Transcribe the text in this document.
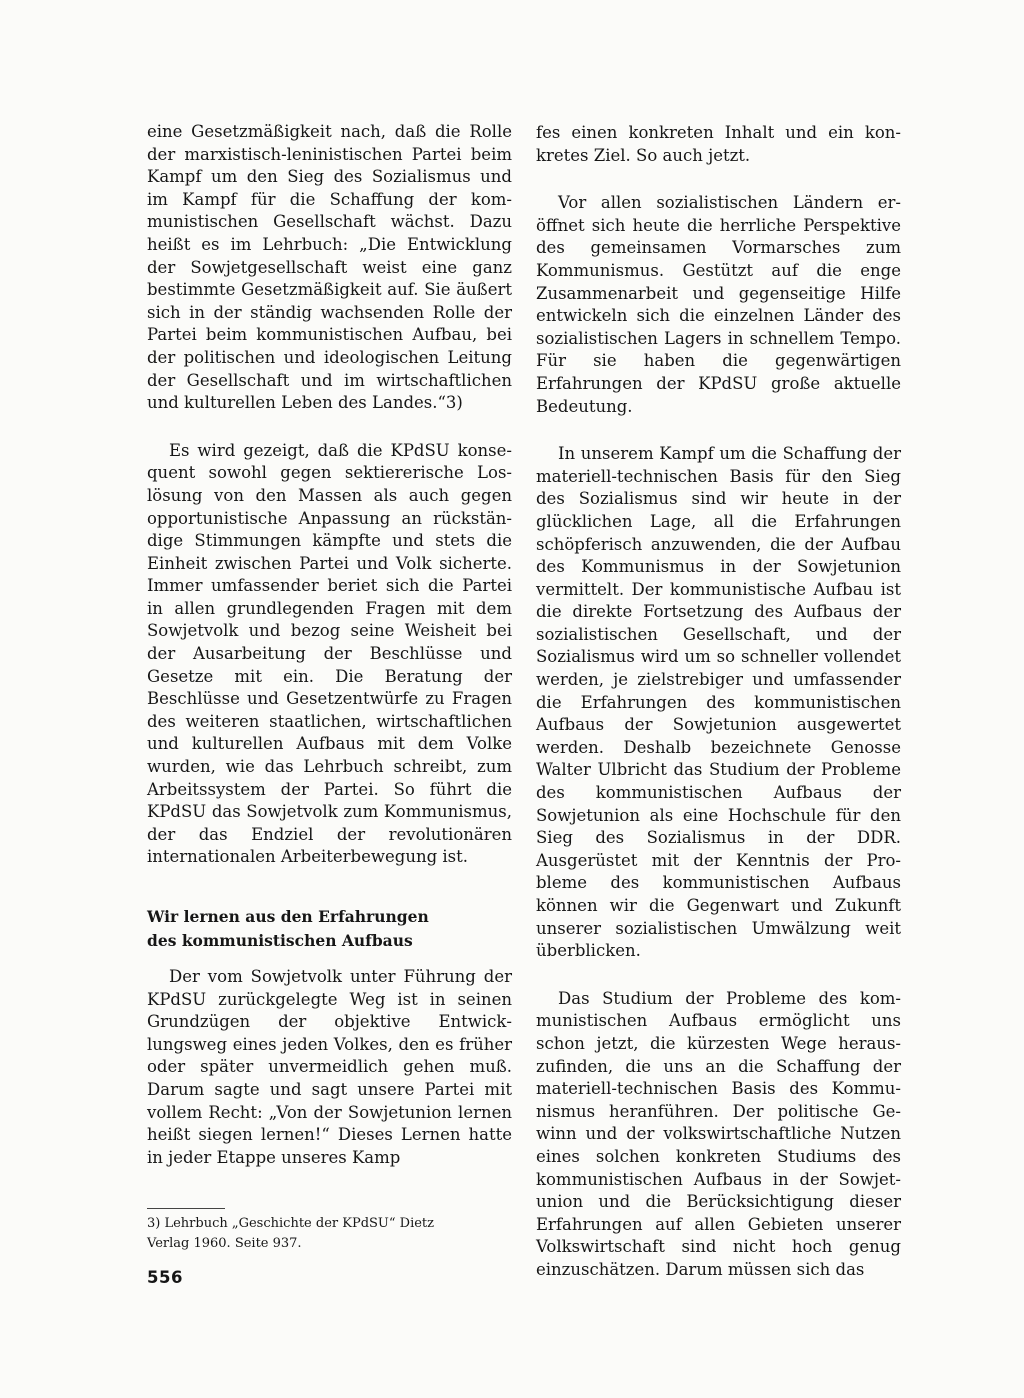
eine Gesetzmäßigkeit nach, daß die Rolle der marxistisch-leninistischen Partei beim Kampf um den Sieg des Sozialismus und im Kampf für die Schaffung der kommunistischen Gesellschaft wächst. Dazu heißt es im Lehrbuch: „Die Entwicklung der Sowjetgesellschaft weist eine ganz bestimmte Gesetzmäßigkeit auf. Sie äußert sich in der ständig wachsenden Rolle der Partei beim kommunistischen Aufbau, bei der politischen und ideologischen Leitung der Gesellschaft und im wirtschaftlichen und kulturellen Leben des Landes.“3)

Es wird gezeigt, daß die KPdSU konsequent sowohl gegen sektiererische Loslösung von den Massen als auch gegen opportunistische Anpassung an rückständige Stimmungen kämpfte und stets die Einheit zwischen Partei und Volk sicherte. Immer umfassender beriet sich die Partei in allen grundlegenden Fragen mit dem Sowjetvolk und bezog seine Weisheit bei der Ausarbeitung der Beschlüsse und Gesetze mit ein. Die Beratung der Beschlüsse und Gesetzentwürfe zu Fragen des weiteren staatlichen, wirtschaftlichen und kulturellen Aufbaus mit dem Volke wurden, wie das Lehrbuch schreibt, zum Arbeitssystem der Partei. So führt die KPdSU das Sowjetvolk zum Kommunismus, der das Endziel der revolutionären internationalen Arbeiterbewegung ist.

Wir lernen aus den Erfahrungen
des kommunistischen Aufbaus

Der vom Sowjetvolk unter Führung der KPdSU zurückgelegte Weg ist in seinen Grundzügen der objektive Entwicklungsweg eines jeden Volkes, den es früher oder später unvermeidlich gehen muß. Darum sagte und sagt unsere Partei mit vollem Recht: „Von der Sowjetunion lernen heißt siegen lernen!“ Dieses Lernen hatte in jeder Etappe unseres Kamp

fes einen konkreten Inhalt und ein konkretes Ziel. So auch jetzt.

Vor allen sozialistischen Ländern eröffnet sich heute die herrliche Perspektive des gemeinsamen Vormarsches zum Kommunismus. Gestützt auf die enge Zusammenarbeit und gegenseitige Hilfe entwickeln sich die einzelnen Länder des sozialistischen Lagers in schnellem Tempo. Für sie haben die gegenwärtigen Erfahrungen der KPdSU große aktuelle Bedeutung.

In unserem Kampf um die Schaffung der materiell-technischen Basis für den Sieg des Sozialismus sind wir heute in der glücklichen Lage, all die Erfahrungen schöpferisch anzuwenden, die der Aufbau des Kommunismus in der Sowjetunion vermittelt. Der kommunistische Aufbau ist die direkte Fortsetzung des Aufbaus der sozialistischen Gesellschaft, und der Sozialismus wird um so schneller vollendet werden, je zielstrebiger und umfassender die Erfahrungen des kommunistischen Aufbaus der Sowjetunion ausgewertet werden. Deshalb bezeichnete Genosse Walter Ulbricht das Studium der Probleme des kommunistischen Aufbaus der Sowjetunion als eine Hochschule für den Sieg des Sozialismus in der DDR. Ausgerüstet mit der Kenntnis der Probleme des kommunistischen Aufbaus können wir die Gegenwart und Zukunft unserer sozialistischen Umwälzung weit überblicken.

Das Studium der Probleme des kommunistischen Aufbaus ermöglicht uns schon jetzt, die kürzesten Wege herauszufinden, die uns an die Schaffung der materiell-technischen Basis des Kommunismus heranführen. Der politische Gewinn und der volkswirtschaftliche Nutzen eines solchen konkreten Studiums des kommunistischen Aufbaus in der Sowjetunion und die Berücksichtigung dieser Erfahrungen auf allen Gebieten unserer Volkswirtschaft sind nicht hoch genug einzuschätzen. Darum müssen sich das

3) Lehrbuch „Geschichte der KPdSU“ Dietz
Verlag 1960. Seite 937.
556
